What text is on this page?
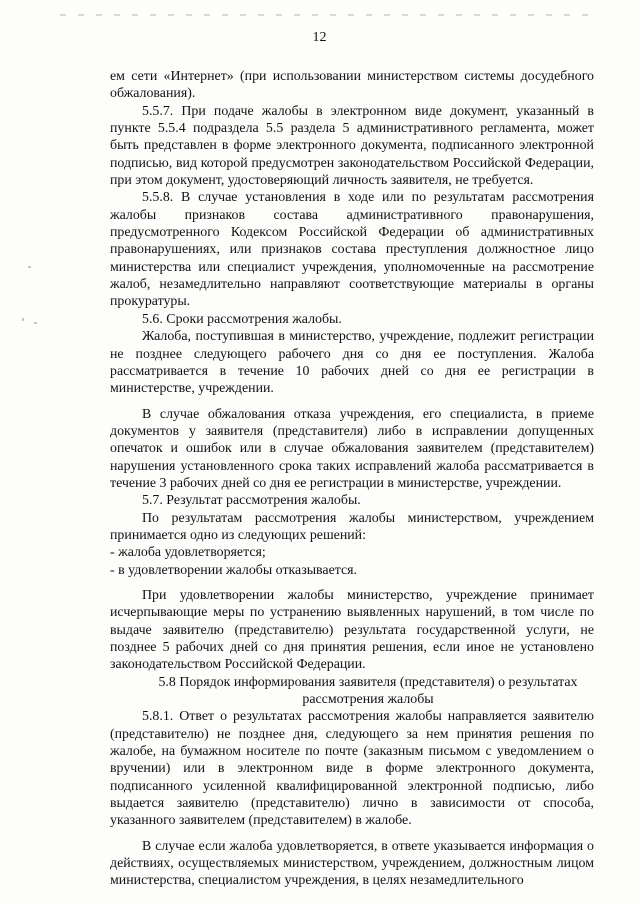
12

ем сети «Интернет» (при использовании министерством системы досудебного обжалования).

5.5.7. При подаче жалобы в электронном виде документ, указанный в пункте 5.5.4 подраздела 5.5 раздела 5 административного регламента, может быть представлен в форме электронного документа, подписанного электронной подписью, вид которой предусмотрен законодательством Российской Федерации, при этом документ, удостоверяющий личность заявителя, не требуется.

5.5.8. В случае установления в ходе или по результатам рассмотрения жалобы признаков состава административного правонарушения, предусмотренного Кодексом Российской Федерации об административных правонарушениях, или признаков состава преступления должностное лицо министерства или специалист учреждения, уполномоченные на рассмотрение жалоб, незамедлительно направляют соответствующие материалы в органы прокуратуры.

5.6. Сроки рассмотрения жалобы.

Жалоба, поступившая в министерство, учреждение, подлежит регистрации не позднее следующего рабочего дня со дня ее поступления. Жалоба рассматривается в течение 10 рабочих дней со дня ее регистрации в министерстве, учреждении.

В случае обжалования отказа учреждения, его специалиста, в приеме документов у заявителя (представителя) либо в исправлении допущенных опечаток и ошибок или в случае обжалования заявителем (представителем) нарушения установленного срока таких исправлений жалоба рассматривается в течение 3 рабочих дней со дня ее регистрации в министерстве, учреждении.

5.7. Результат рассмотрения жалобы.

По результатам рассмотрения жалобы министерством, учреждением принимается одно из следующих решений:

- жалоба удовлетворяется;

- в удовлетворении жалобы отказывается.

При удовлетворении жалобы министерство, учреждение принимает исчерпывающие меры по устранению выявленных нарушений, в том числе по выдаче заявителю (представителю) результата государственной услуги, не позднее 5 рабочих дней со дня принятия решения, если иное не установлено законодательством Российской Федерации.

5.8 Порядок информирования заявителя (представителя) о результатах рассмотрения жалобы

5.8.1. Ответ о результатах рассмотрения жалобы направляется заявителю (представителю) не позднее дня, следующего за нем принятия решения по жалобе, на бумажном носителе по почте (заказным письмом с уведомлением о вручении) или в электронном виде в форме электронного документа, подписанного усиленной квалифицированной электронной подписью, либо выдается заявителю (представителю) лично в зависимости от способа, указанного заявителем (представителем) в жалобе.

В случае если жалоба удовлетворяется, в ответе указывается информация о действиях, осуществляемых министерством, учреждением, должностным лицом министерства, специалистом учреждения, в целях незамедлительного
